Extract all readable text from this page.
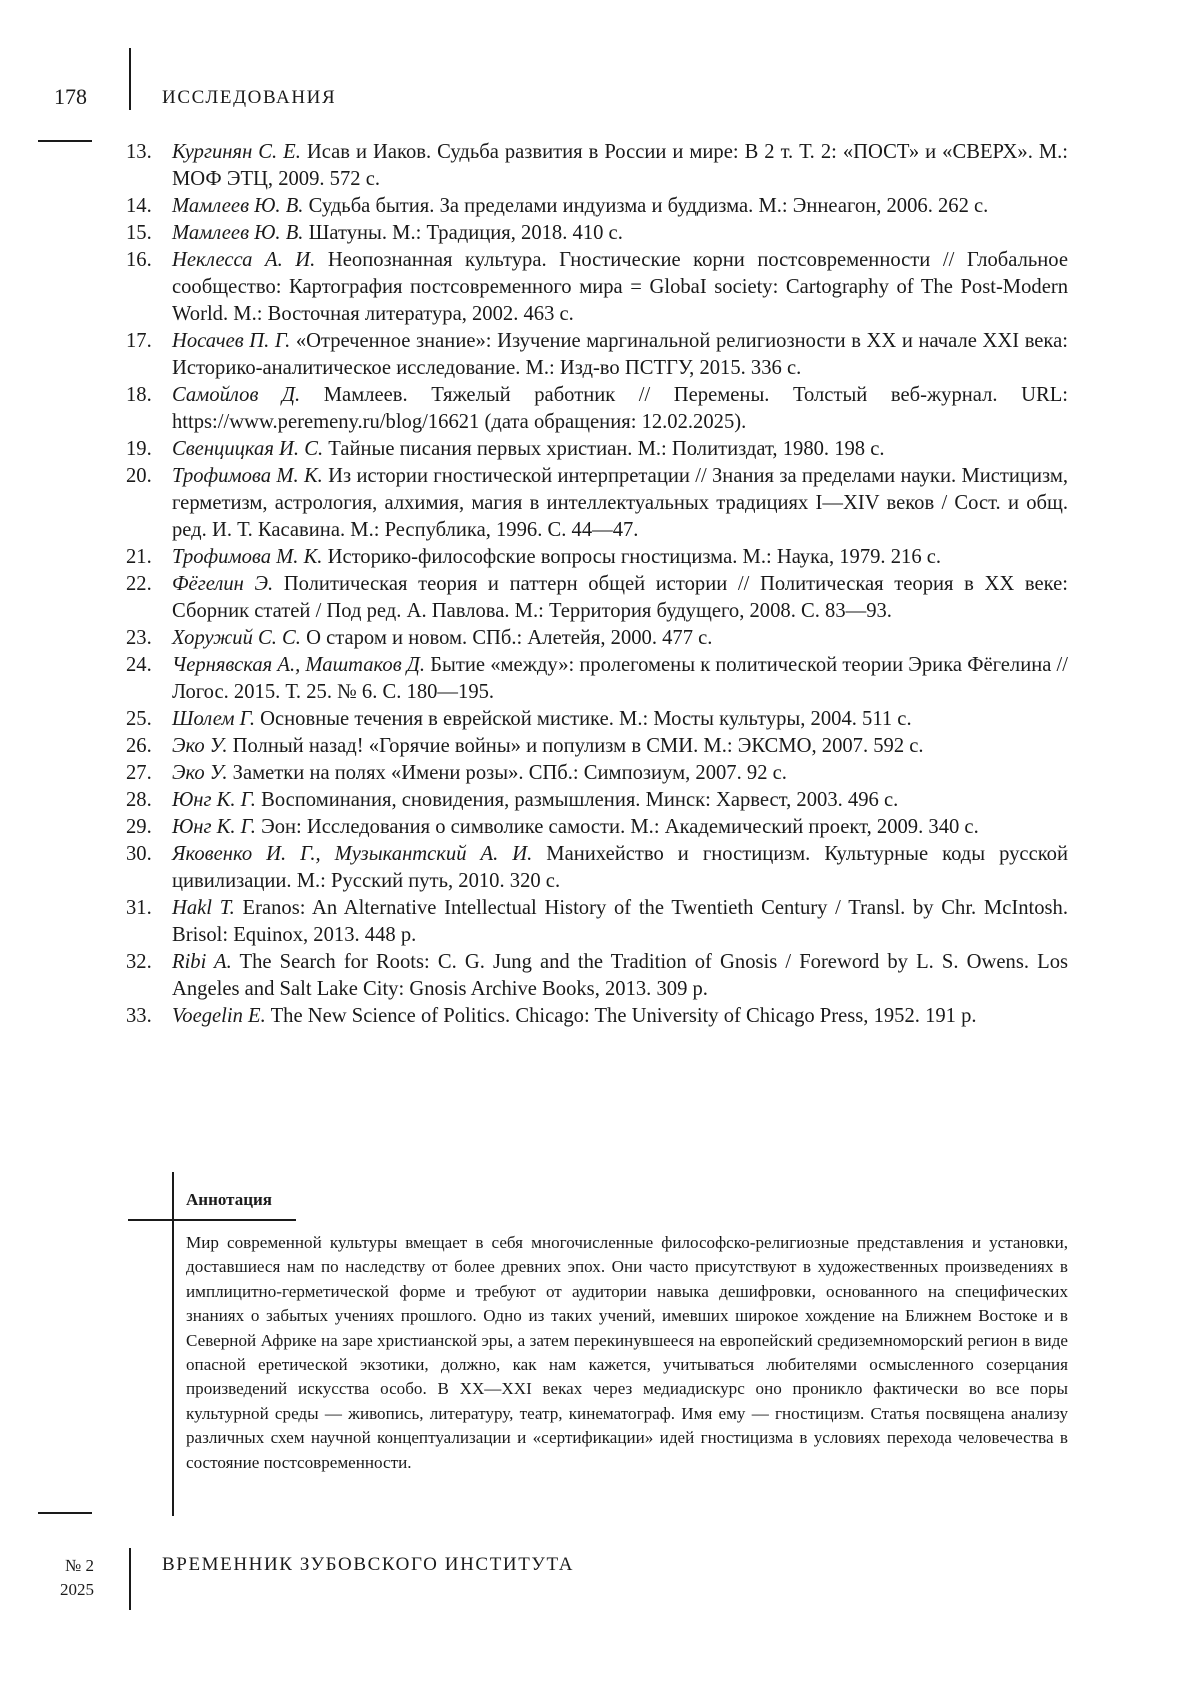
178	ИССЛЕДОВАНИЯ
13. Кургинян С. Е. Исав и Иаков. Судьба развития в России и мире: В 2 т. Т. 2: «ПОСТ» и «СВЕРХ». М.: МОФ ЭТЦ, 2009. 572 с.
14. Мамлеев Ю. В. Судьба бытия. За пределами индуизма и буддизма. М.: Эннеагон, 2006. 262 с.
15. Мамлеев Ю. В. Шатуны. М.: Традиция, 2018. 410 с.
16. Неклесса А. И. Неопознанная культура. Гностические корни постсовременности // Глобальное сообщество: Картография постсовременного мира = GlobaI society: Cartography of The Post-Modern World. М.: Восточная литература, 2002. 463 с.
17. Носачев П. Г. «Отреченное знание»: Изучение маргинальной религиозности в XX и начале XXI века: Историко-аналитическое исследование. М.: Изд-во ПСТГУ, 2015. 336 с.
18. Самойлов Д. Мамлеев. Тяжелый работник // Перемены. Толстый веб-журнал. URL: https://www.peremeny.ru/blog/16621 (дата обращения: 12.02.2025).
19. Свенцицкая И. С. Тайные писания первых христиан. М.: Политиздат, 1980. 198 с.
20. Трофимова М. К. Из истории гностической интерпретации // Знания за пределами науки. Мистицизм, герметизм, астрология, алхимия, магия в интеллектуальных традициях I—XIV веков / Сост. и общ. ред. И. Т. Касавина. М.: Республика, 1996. С. 44—47.
21. Трофимова М. К. Историко-философские вопросы гностицизма. М.: Наука, 1979. 216 с.
22. Фёгелин Э. Политическая теория и паттерн общей истории // Политическая теория в XX веке: Сборник статей / Под ред. А. Павлова. М.: Территория будущего, 2008. С. 83—93.
23. Хоружий С. С. О старом и новом. СПб.: Алетейя, 2000. 477 с.
24. Чернявская А., Маштаков Д. Бытие «между»: пролегомены к политической теории Эрика Фёгелина // Логос. 2015. Т. 25. № 6. С. 180—195.
25. Шолем Г. Основные течения в еврейской мистике. М.: Мосты культуры, 2004. 511 с.
26. Эко У. Полный назад! «Горячие войны» и популизм в СМИ. М.: ЭКСМО, 2007. 592 с.
27. Эко У. Заметки на полях «Имени розы». СПб.: Симпозиум, 2007. 92 с.
28. Юнг К. Г. Воспоминания, сновидения, размышления. Минск: Харвест, 2003. 496 с.
29. Юнг К. Г. Эон: Исследования о символике самости. М.: Академический проект, 2009. 340 с.
30. Яковенко И. Г., Музыкантский А. И. Манихейство и гностицизм. Культурные коды русской цивилизации. М.: Русский путь, 2010. 320 с.
31. Hakl T. Eranos: An Alternative Intellectual History of the Twentieth Century / Transl. by Chr. McIntosh. Brisol: Equinox, 2013. 448 p.
32. Ribi A. The Search for Roots: C. G. Jung and the Tradition of Gnosis / Foreword by L. S. Owens. Los Angeles and Salt Lake City: Gnosis Archive Books, 2013. 309 p.
33. Voegelin E. The New Science of Politics. Chicago: The University of Chicago Press, 1952. 191 p.
Аннотация

Мир современной культуры вмещает в себя многочисленные философско-религиозные представления и установки, доставшиеся нам по наследству от более древних эпох. Они часто присутствуют в художественных произведениях в имплицитно-герметической форме и требуют от аудитории навыка дешифровки, основанного на специфических знаниях о забытых учениях прошлого. Одно из таких учений, имевших широкое хождение на Ближнем Востоке и в Северной Африке на заре христианской эры, а затем перекинувшееся на европейский средиземноморский регион в виде опасной еретической экзотики, должно, как нам кажется, учитываться любителями осмысленного созерцания произведений искусства особо. В XX—XXI веках через медиадискурс оно проникло фактически во все поры культурной среды — живопись, литературу, театр, кинематограф. Имя ему — гностицизм. Статья посвящена анализу различных схем научной концептуализации и «сертификации» идей гностицизма в условиях перехода человечества в состояние постсовременности.

№ 2
2025
ВРЕМЕННИК ЗУБОВСКОГО ИНСТИТУТА
